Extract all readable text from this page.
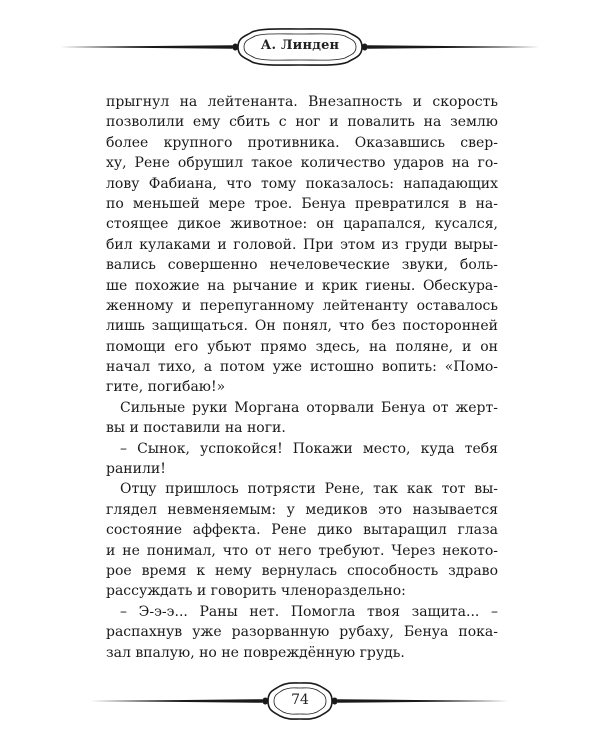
А. Линден
прыгнул на лейтенанта. Внезапность и скорость
позволили ему сбить с ног и повалить на землю
более крупного противника. Оказавшись свер-
ху, Рене обрушил такое количество ударов на го-
лову Фабиана, что тому показалось: нападающих
по меньшей мере трое. Бенуа превратился в на-
стоящее дикое животное: он царапался, кусался,
бил кулаками и головой. При этом из груди выры-
вались совершенно нечеловеческие звуки, боль-
ше похожие на рычание и крик гиены. Обескура-
женному и перепуганному лейтенанту оставалось
лишь защищаться. Он понял, что без посторонней
помощи его убьют прямо здесь, на поляне, и он
начал тихо, а потом уже истошно вопить: «Помо-
гите, погибаю!»
Сильные руки Моргана оторвали Бенуа от жерт-
вы и поставили на ноги.
– Сынок, успокойся! Покажи место, куда тебя
ранили!
Отцу пришлось потрясти Рене, так как тот вы-
глядел невменяемым: у медиков это называется
состояние аффекта. Рене дико вытаращил глаза
и не понимал, что от него требуют. Через некото-
рое время к нему вернулась способность здраво
рассуждать и говорить членораздельно:
– Э-э-э... Раны нет. Помогла твоя защита... –
распахнув уже разорванную рубаху, Бенуа пока-
зал впалую, но не повреждённую грудь.
74
